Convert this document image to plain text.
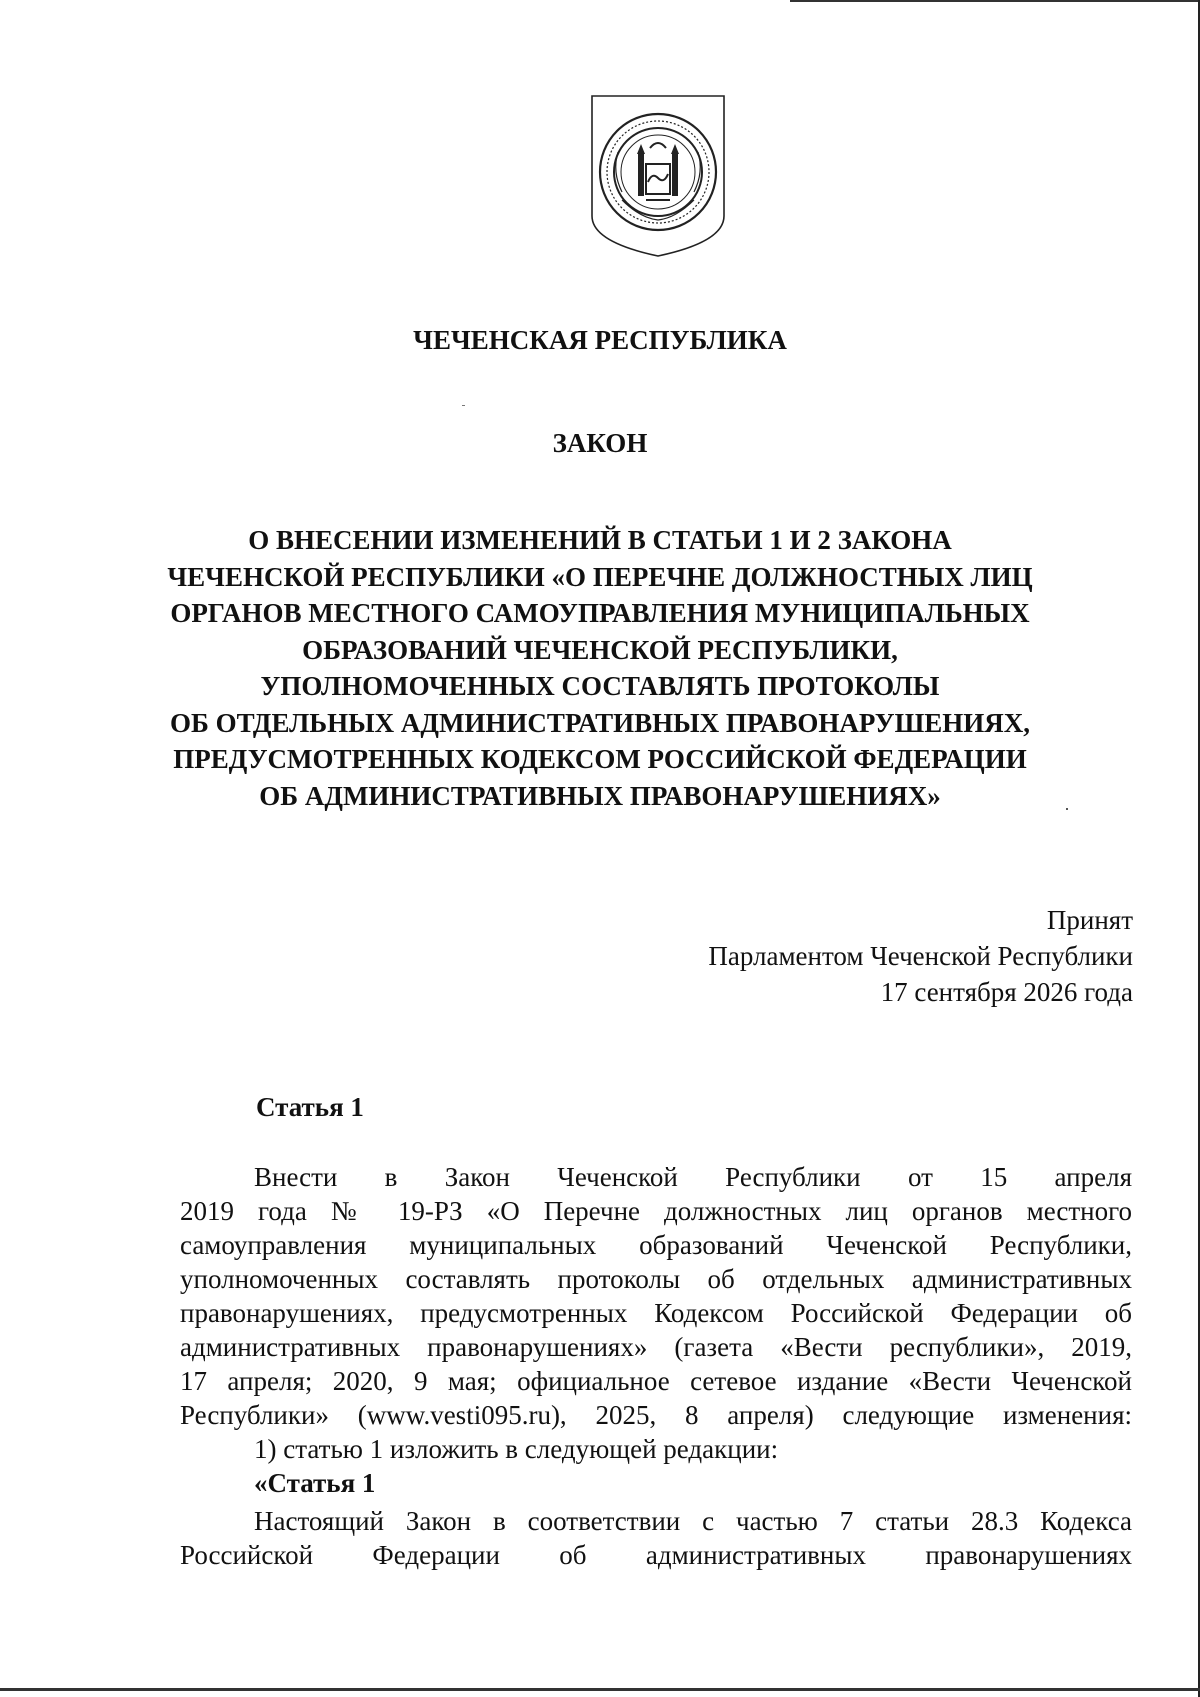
ЧЕЧЕНСКАЯ РЕСПУБЛИКА
ЗАКОН
О ВНЕСЕНИИ ИЗМЕНЕНИЙ В СТАТЬИ 1 И 2 ЗАКОНА
ЧЕЧЕНСКОЙ РЕСПУБЛИКИ «О ПЕРЕЧНЕ ДОЛЖНОСТНЫХ ЛИЦ
ОРГАНОВ МЕСТНОГО САМОУПРАВЛЕНИЯ МУНИЦИПАЛЬНЫХ
ОБРАЗОВАНИЙ ЧЕЧЕНСКОЙ РЕСПУБЛИКИ,
УПОЛНОМОЧЕННЫХ СОСТАВЛЯТЬ ПРОТОКОЛЫ
ОБ ОТДЕЛЬНЫХ АДМИНИСТРАТИВНЫХ ПРАВОНАРУШЕНИЯХ,
ПРЕДУСМОТРЕННЫХ КОДЕКСОМ РОССИЙСКОЙ ФЕДЕРАЦИИ
ОБ АДМИНИСТРАТИВНЫХ ПРАВОНАРУШЕНИЯХ»
Принят
Парламентом Чеченской Республики
17 сентября 2026 года
Статья 1
Внести в Закон Чеченской Республики от 15 апреля
2019 года № 19-РЗ «О Перечне должностных лиц органов местного
самоуправления муниципальных образований Чеченской Республики,
уполномоченных составлять протоколы об отдельных административных
правонарушениях, предусмотренных Кодексом Российской Федерации об
административных правонарушениях» (газета «Вести республики», 2019,
17 апреля; 2020, 9 мая; официальное сетевое издание «Вести Чеченской
Республики» (www.vesti095.ru), 2025, 8 апреля) следующие изменения:
1) статью 1 изложить в следующей редакции:
«Статья 1
Настоящий Закон в соответствии с частью 7 статьи 28.3 Кодекса
Российской Федерации об административных правонарушениях
